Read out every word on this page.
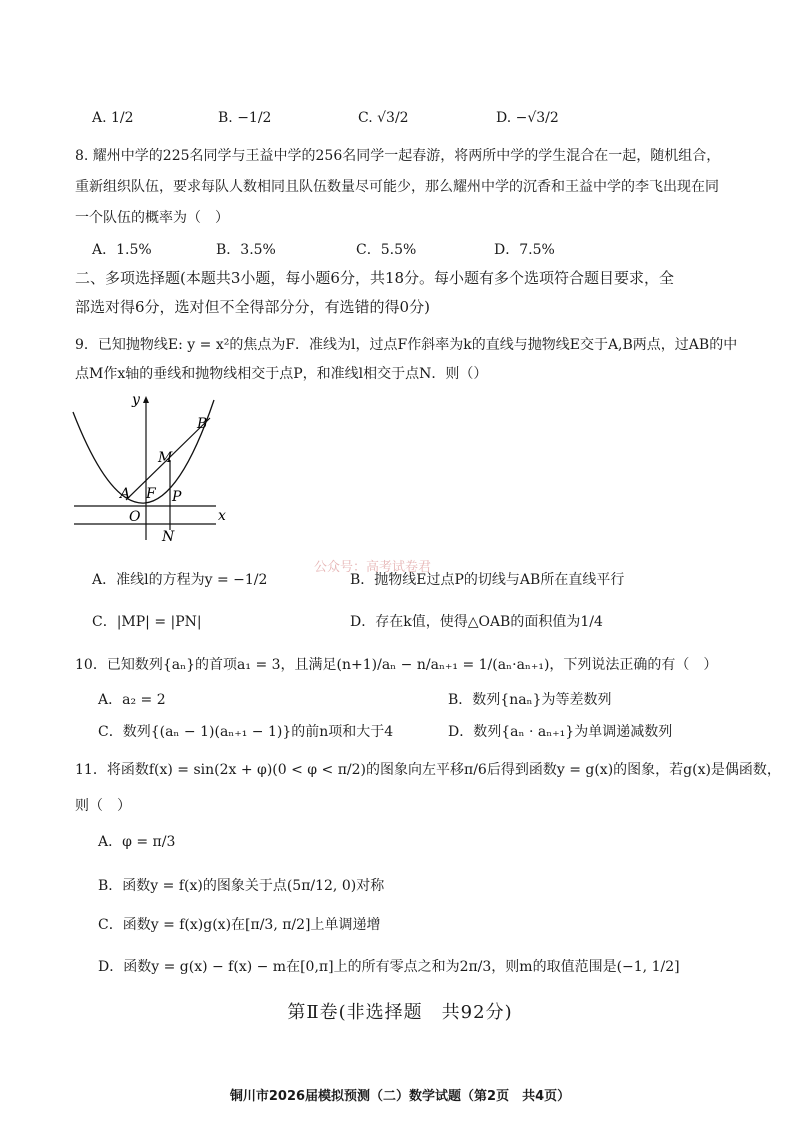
A. 1/2	B. −1/2	C. √3/2	D. −√3/2
8. 耀州中学的225名同学与王益中学的256名同学一起春游，将两所中学的学生混合在一起，随机组合，
重新组织队伍，要求每队人数相同且队伍数量尽可能少，那么耀州中学的沉香和王益中学的李飞出现在同
一个队伍的概率为（　）
A．1.5%	B．3.5%	C．5.5%	D．7.5%
二、多项选择题(本题共3小题，每小题6分，共18分。每小题有多个选项符合题目要求，全
部选对得6分，选对但不全得部分分，有选错的得0分)
9．已知抛物线E: y = x²的焦点为F．准线为l，过点F作斜率为k的直线与抛物线E交于A,B两点，过AB的中
点M作x轴的垂线和抛物线相交于点P，和准线l相交于点N．则（）
y
x
B
M
A F P
O
N
公众号：高考试卷君
A．准线l的方程为y = −1/2	B．抛物线E过点P的切线与AB所在直线平行
C．|MP| = |PN|	D．存在k值，使得△OAB的面积值为1/4
10．已知数列{aₙ}的首项a₁ = 3，且满足(n+1)/aₙ − n/aₙ₊₁ = 1/(aₙ·aₙ₊₁)，下列说法正确的有（　）
A．a₂ = 2	B．数列{naₙ}为等差数列
C．数列{(aₙ − 1)(aₙ₊₁ − 1)}的前n项和大于4	D．数列{aₙ · aₙ₊₁}为单调递减数列
11．将函数f(x) = sin(2x + φ)(0 < φ < π/2)的图象向左平移π/6后得到函数y = g(x)的图象，若g(x)是偶函数，
则（　）
A．φ = π/3
B．函数y = f(x)的图象关于点(5π/12, 0)对称
C．函数y = f(x)g(x)在[π/3, π/2]上单调递增
D．函数y = g(x) − f(x) − m在[0,π]上的所有零点之和为2π/3，则m的取值范围是(−1, 1/2]
第Ⅱ卷(非选择题　共92分)
铜川市2026届模拟预测（二）数学试题（第2页　共4页）
